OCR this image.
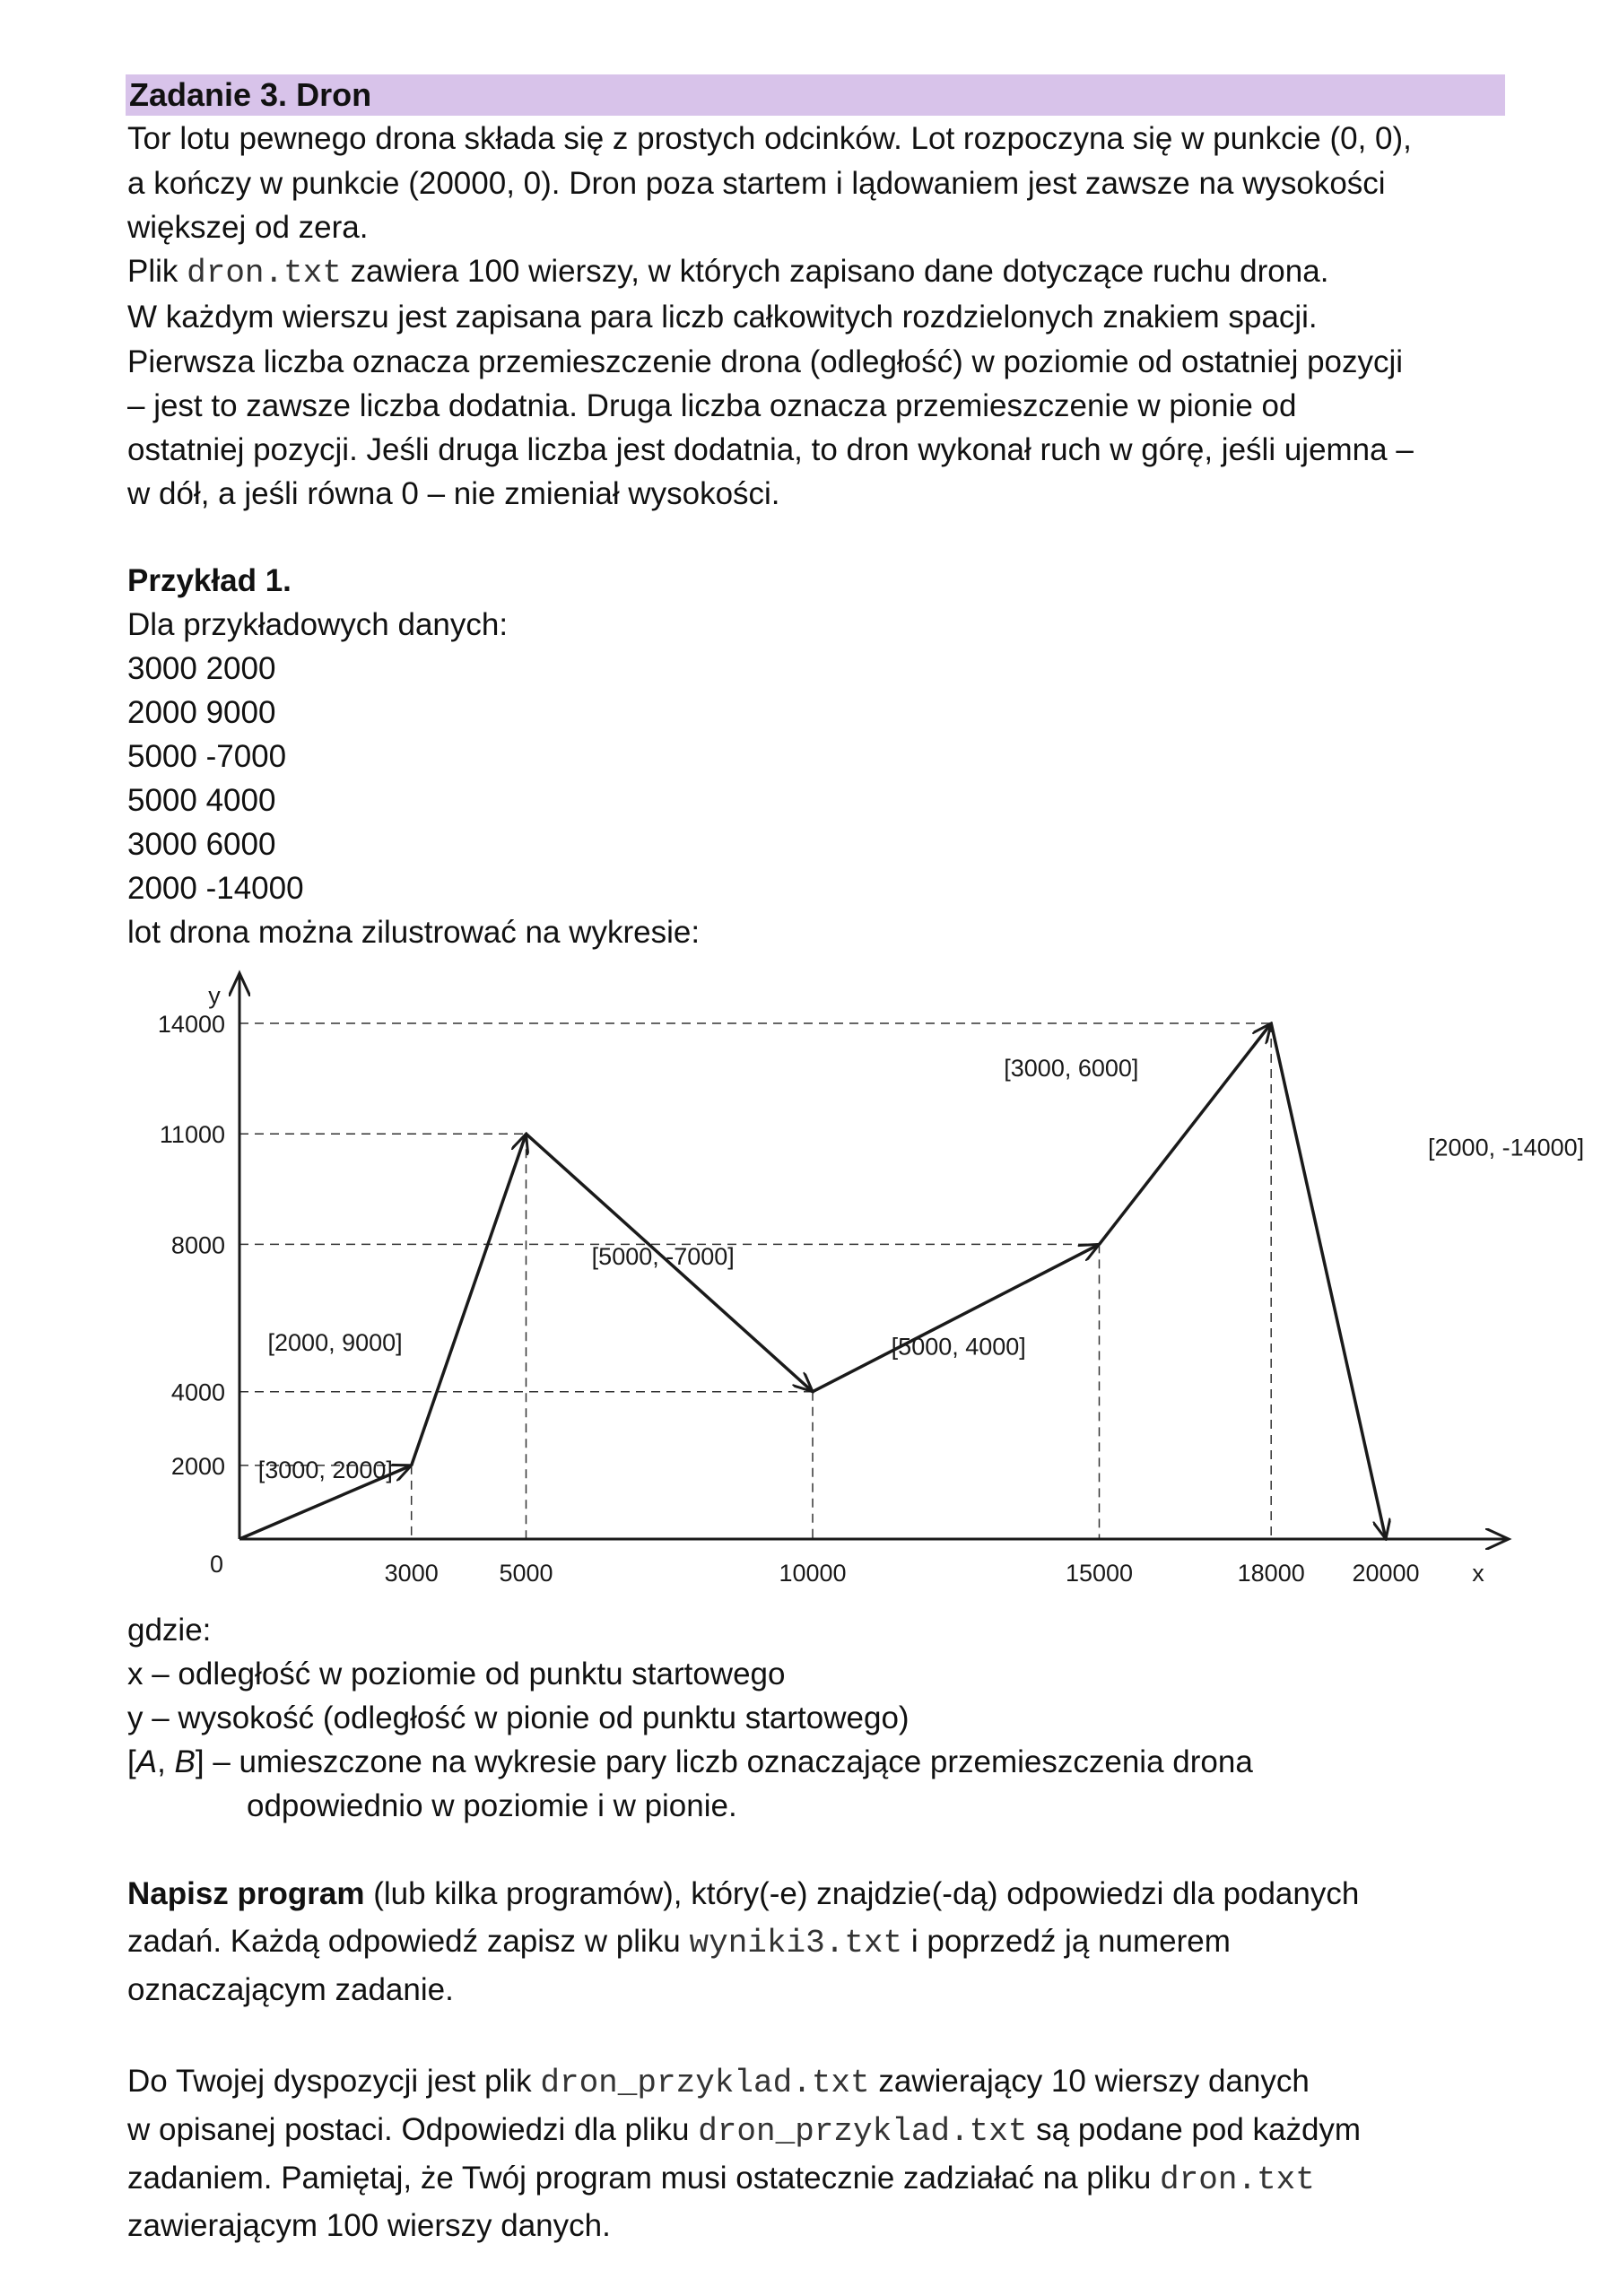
Zadanie 3. Dron
Tor lotu pewnego drona składa się z prostych odcinków. Lot rozpoczyna się w punkcie (0, 0),
a kończy w punkcie (20000, 0). Dron poza startem i lądowaniem jest zawsze na wysokości
większej od zera.
Plik dron.txt zawiera 100 wierszy, w których zapisano dane dotyczące ruchu drona.
W każdym wierszu jest zapisana para liczb całkowitych rozdzielonych znakiem spacji.
Pierwsza liczba oznacza przemieszczenie drona (odległość) w poziomie od ostatniej pozycji
– jest to zawsze liczba dodatnia. Druga liczba oznacza przemieszczenie w pionie od
ostatniej pozycji. Jeśli druga liczba jest dodatnia, to dron wykonał ruch w górę, jeśli ujemna –
w dół, a jeśli równa 0 – nie zmieniał wysokości.
Przykład 1.
Dla przykładowych danych:
3000 2000
2000 9000
5000 -7000
5000 4000
3000 6000
2000 -14000
lot drona można zilustrować na wykresie:
2000
4000
8000
11000
14000
3000	5000	10000	15000	18000 20000
0	x
y
[3000, 2000]
[2000, 9000]
[5000, -7000]
[5000, 4000]
[3000, 6000]
[2000, -14000]
gdzie:
x – odległość w poziomie od punktu startowego
y – wysokość (odległość w pionie od punktu startowego)
[A, B] – umieszczone na wykresie pary liczb oznaczające przemieszczenia drona
odpowiednio w poziomie i w pionie.
Napisz program (lub kilka programów), który(-e) znajdzie(-dą) odpowiedzi dla podanych
zadań. Każdą odpowiedź zapisz w pliku wyniki3.txt i poprzedź ją numerem
oznaczającym zadanie.
Do Twojej dyspozycji jest plik dron_przyklad.txt zawierający 10 wierszy danych
w opisanej postaci. Odpowiedzi dla pliku dron_przyklad.txt są podane pod każdym
zadaniem. Pamiętaj, że Twój program musi ostatecznie zadziałać na pliku dron.txt
zawierającym 100 wierszy danych.
